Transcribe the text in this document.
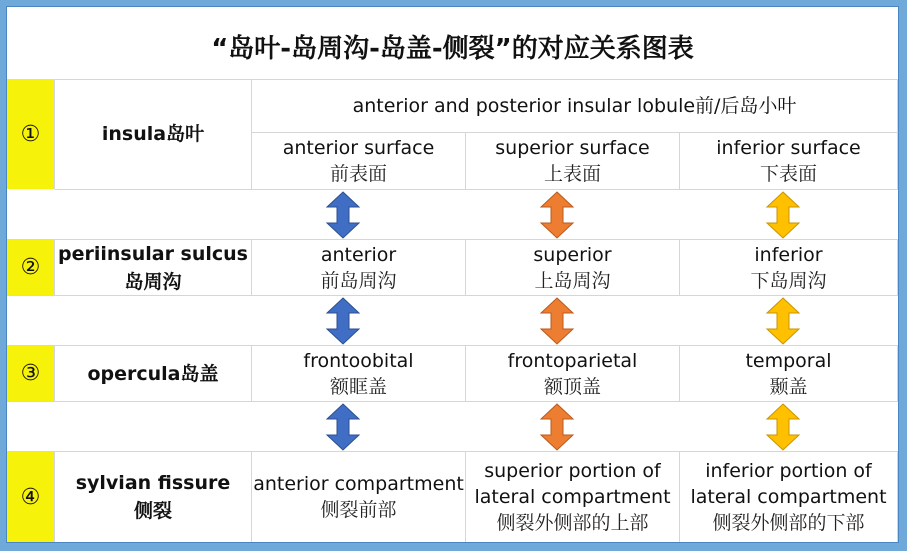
“岛叶-岛周沟-岛盖-侧裂”的对应关系图表
①	insula岛叶
anterior and posterior insular lobule前/后岛小叶
anterior surface
前表面
superior surface
上表面
inferior surface
下表面
②
periinsular sulcus
岛周沟
anterior
前岛周沟
superior
上岛周沟
inferior
下岛周沟
③	opercula岛盖
frontoobital
额眶盖
frontoparietal
额顶盖
temporal
颞盖
④
sylvian fissure
侧裂
anterior compartment
侧裂前部
superior portion of
lateral compartment
侧裂外侧部的上部
inferior portion of
lateral compartment
侧裂外侧部的下部
